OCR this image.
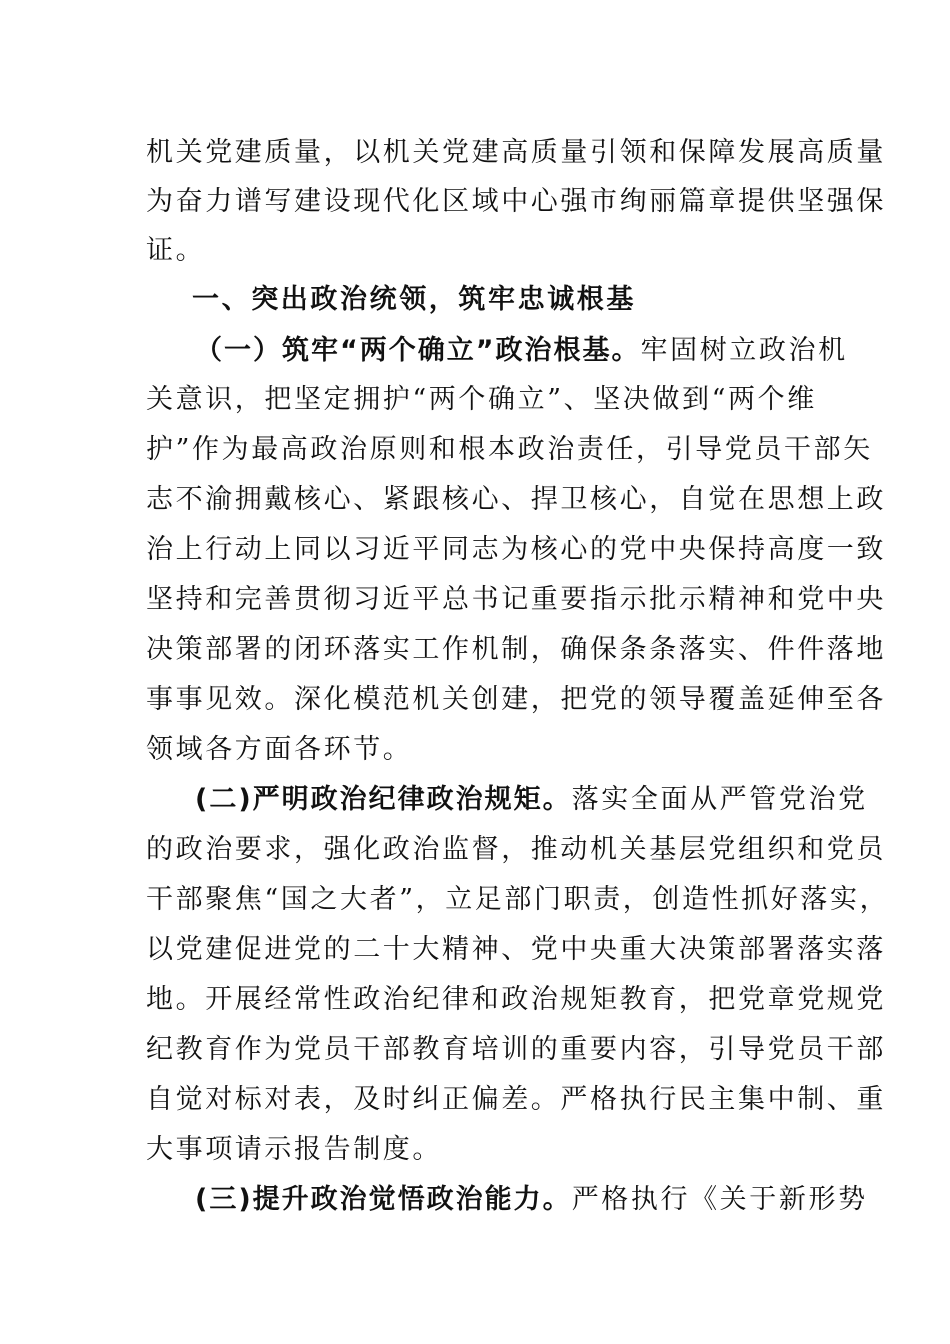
机关党建质量，以机关党建高质量引领和保障发展高质量
为奋力谱写建设现代化区域中心强市绚丽篇章提供坚强保
证。
一、突出政治统领，筑牢忠诚根基
（一）筑牢“两个确立”政治根基。牢固树立政治机
关意识，把坚定拥护“两个确立”、坚决做到“两个维
护”作为最高政治原则和根本政治责任，引导党员干部矢
志不渝拥戴核心、紧跟核心、捍卫核心，自觉在思想上政
治上行动上同以习近平同志为核心的党中央保持高度一致
坚持和完善贯彻习近平总书记重要指示批示精神和党中央
决策部署的闭环落实工作机制，确保条条落实、件件落地
事事见效。深化模范机关创建，把党的领导覆盖延伸至各
领域各方面各环节。
(二)严明政治纪律政治规矩。落实全面从严管党治党
的政治要求，强化政治监督，推动机关基层党组织和党员
干部聚焦“国之大者”，立足部门职责，创造性抓好落实，
以党建促进党的二十大精神、党中央重大决策部署落实落
地。开展经常性政治纪律和政治规矩教育，把党章党规党
纪教育作为党员干部教育培训的重要内容，引导党员干部
自觉对标对表，及时纠正偏差。严格执行民主集中制、重
大事项请示报告制度。
(三)提升政治觉悟政治能力。严格执行《关于新形势
